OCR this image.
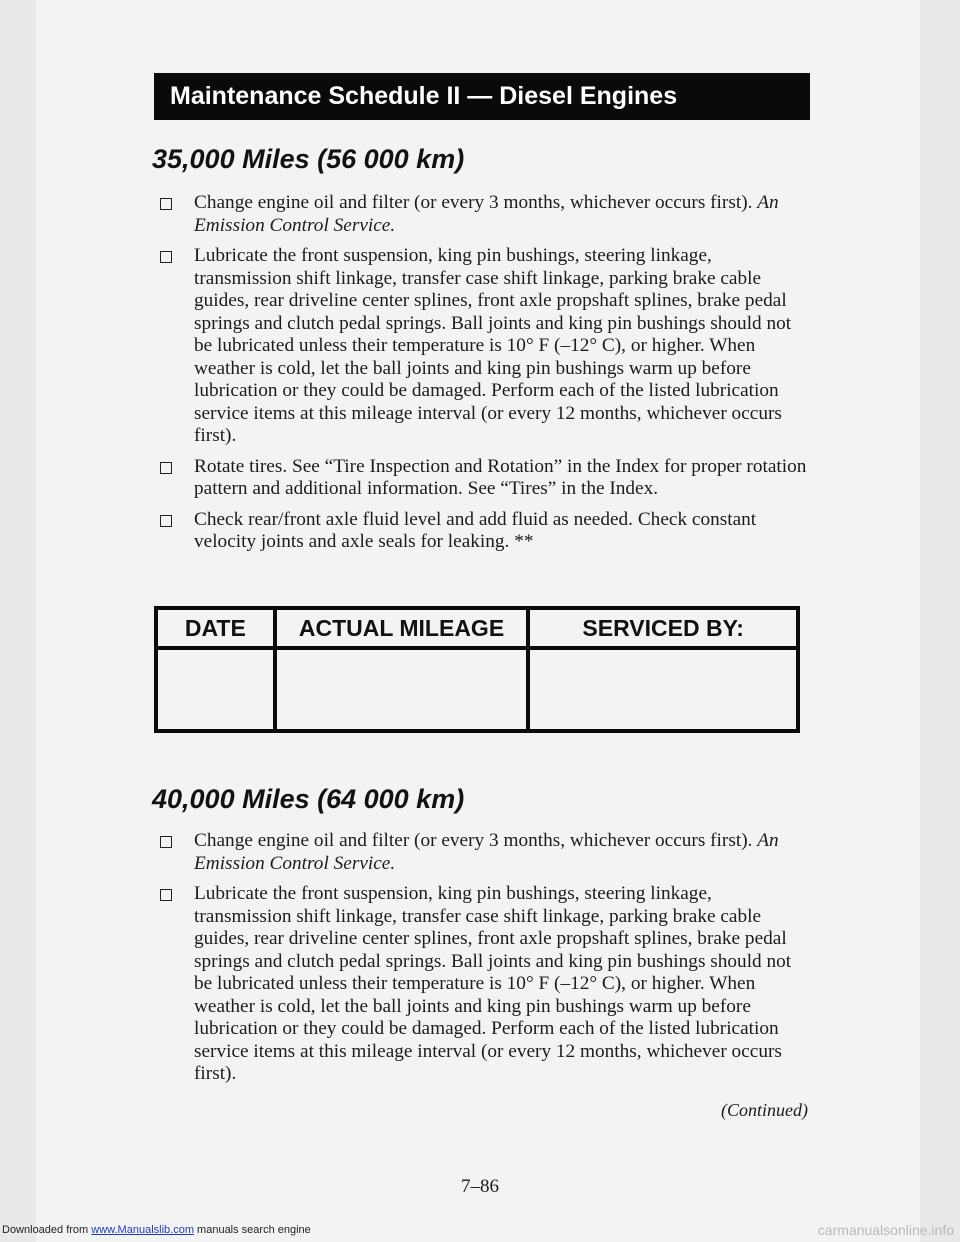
Maintenance Schedule II — Diesel Engines
35,000 Miles (56 000 km)
Change engine oil and filter (or every 3 months, whichever occurs first). An Emission Control Service.
Lubricate the front suspension, king pin bushings, steering linkage, transmission shift linkage, transfer case shift linkage, parking brake cable guides, rear driveline center splines, front axle propshaft splines, brake pedal springs and clutch pedal springs. Ball joints and king pin bushings should not be lubricated unless their temperature is 10° F (–12° C), or higher. When weather is cold, let the ball joints and king pin bushings warm up before lubrication or they could be damaged. Perform each of the listed lubrication service items at this mileage interval (or every 12 months, whichever occurs first).
Rotate tires. See “Tire Inspection and Rotation” in the Index for proper rotation pattern and additional information. See “Tires” in the Index.
Check rear/front axle fluid level and add fluid as needed. Check constant velocity joints and axle seals for leaking. **
DATE	ACTUAL MILEAGE	SERVICED BY:

40,000 Miles (64 000 km)
Change engine oil and filter (or every 3 months, whichever occurs first). An Emission Control Service.
Lubricate the front suspension, king pin bushings, steering linkage, transmission shift linkage, transfer case shift linkage, parking brake cable guides, rear driveline center splines, front axle propshaft splines, brake pedal springs and clutch pedal springs. Ball joints and king pin bushings should not be lubricated unless their temperature is 10° F (–12° C), or higher. When weather is cold, let the ball joints and king pin bushings warm up before lubrication or they could be damaged. Perform each of the listed lubrication service items at this mileage interval (or every 12 months, whichever occurs first).
(Continued)
7–86
Downloaded from www.Manualslib.com manuals search engine	carmanualsonline.info
